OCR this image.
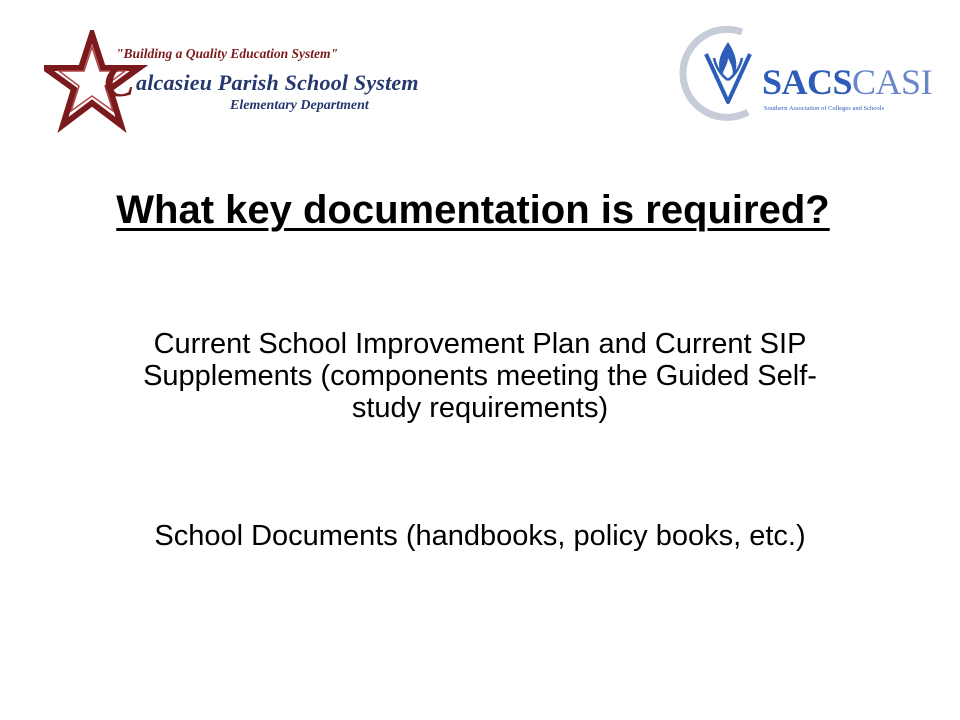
"Building a Quality Education System"
C alcasieu Parish School System
Elementary Department
SACSCASI
Southern Association of Colleges and Schools
What key documentation is required?
Current School Improvement Plan and Current SIP Supplements (components meeting the Guided Self-study requirements)
School Documents (handbooks, policy books, etc.)
